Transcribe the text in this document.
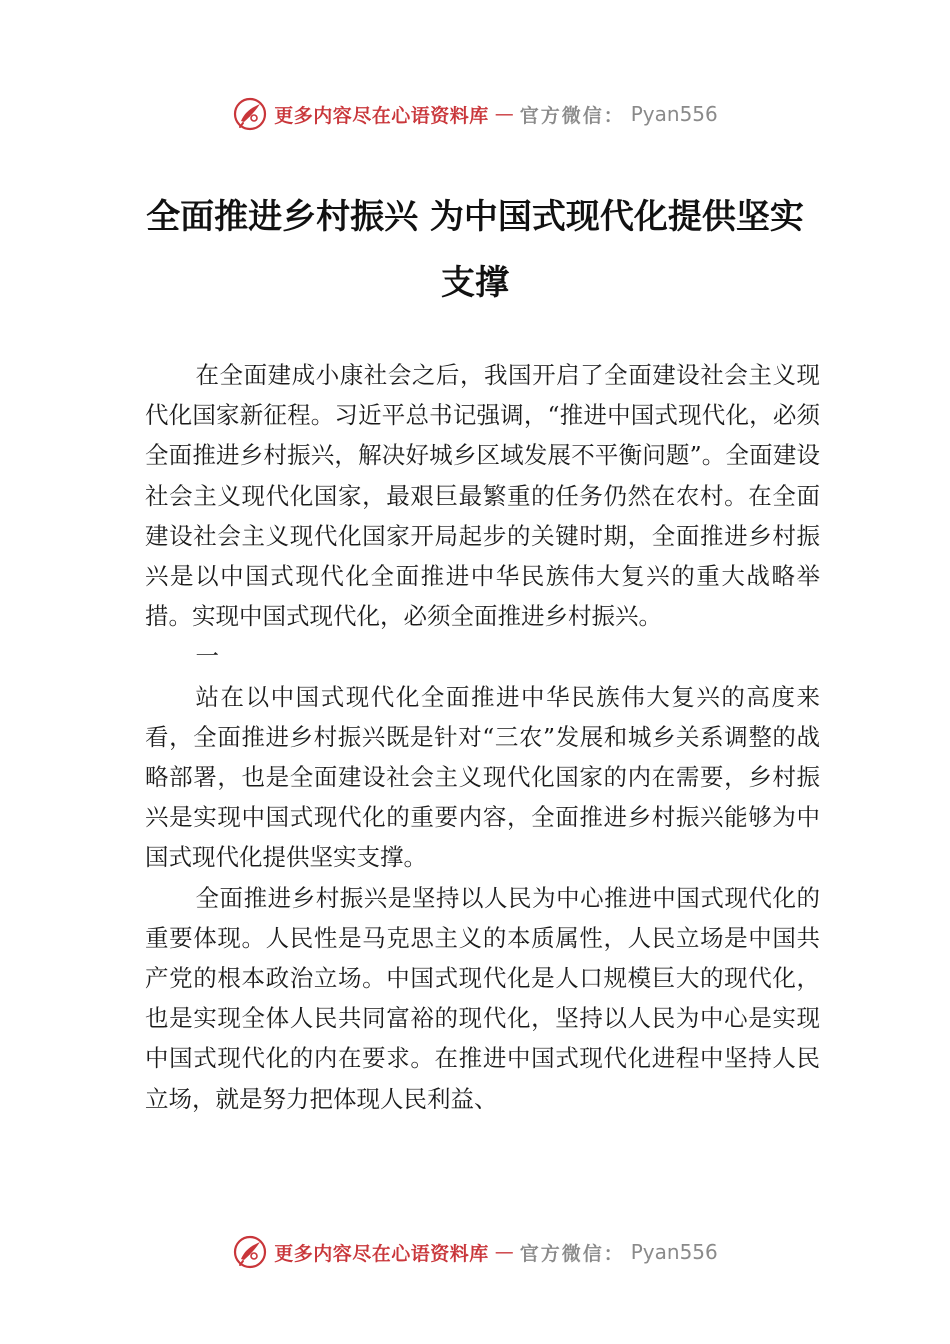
更多内容尽在心语资料库 — 官方微信： Pyan556
全面推进乡村振兴 为中国式现代化提供坚实支撑

在全面建成小康社会之后，我国开启了全面建设社会主义现代化国家新征程。习近平总书记强调，“推进中国式现代化，必须全面推进乡村振兴，解决好城乡区域发展不平衡问题”。全面建设社会主义现代化国家，最艰巨最繁重的任务仍然在农村。在全面建设社会主义现代化国家开局起步的关键时期，全面推进乡村振兴是以中国式现代化全面推进中华民族伟大复兴的重大战略举措。实现中国式现代化，必须全面推进乡村振兴。

一

站在以中国式现代化全面推进中华民族伟大复兴的高度来看，全面推进乡村振兴既是针对“三农”发展和城乡关系调整的战略部署，也是全面建设社会主义现代化国家的内在需要，乡村振兴是实现中国式现代化的重要内容，全面推进乡村振兴能够为中国式现代化提供坚实支撑。

全面推进乡村振兴是坚持以人民为中心推进中国式现代化的重要体现。人民性是马克思主义的本质属性，人民立场是中国共产党的根本政治立场。中国式现代化是人口规模巨大的现代化，也是实现全体人民共同富裕的现代化，坚持以人民为中心是实现中国式现代化的内在要求。在推进中国式现代化进程中坚持人民立场，就是努力把体现人民利益、

更多内容尽在心语资料库 — 官方微信： Pyan556
